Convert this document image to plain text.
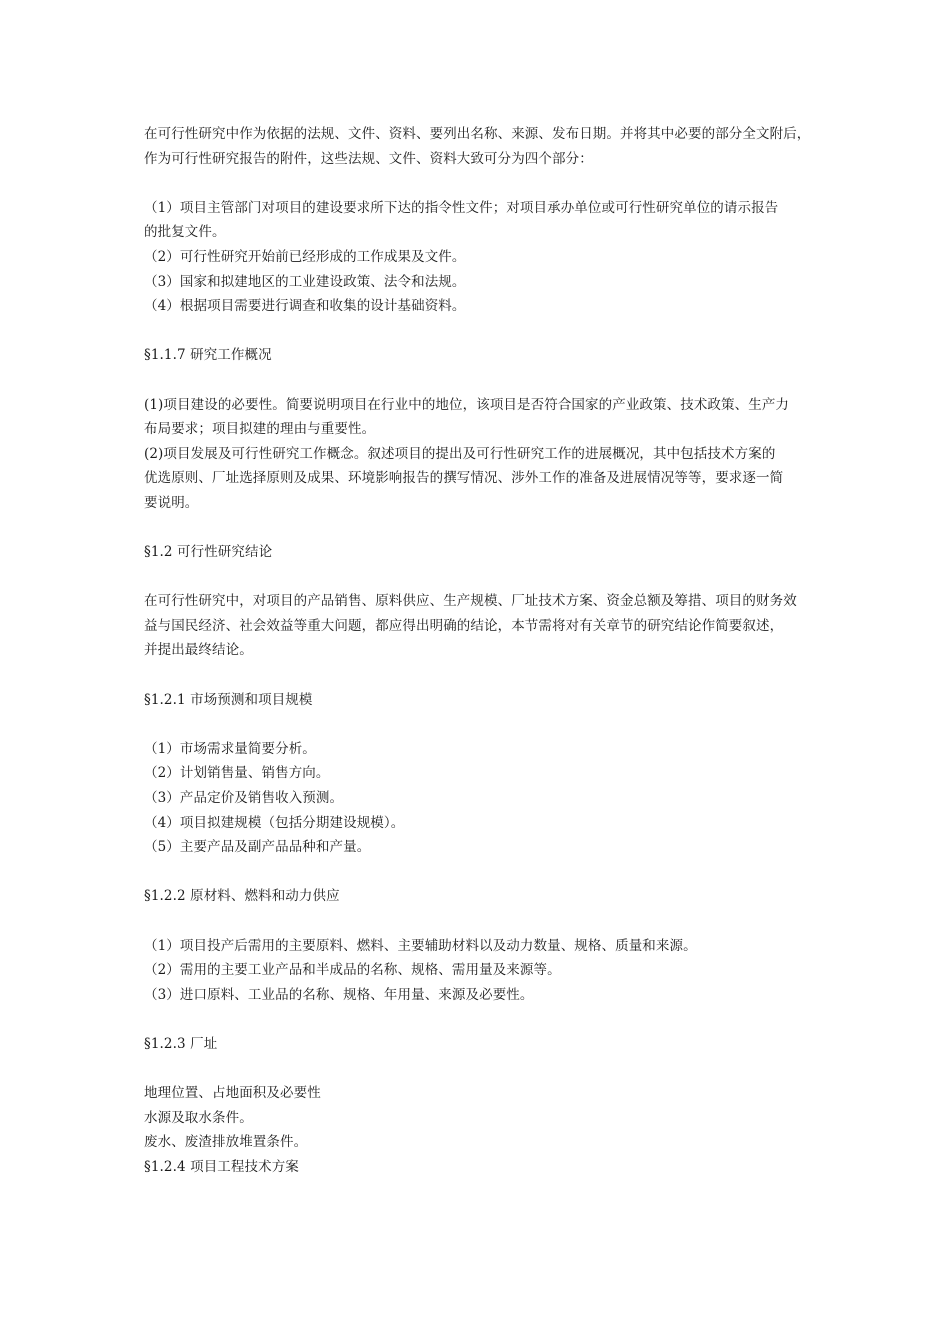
在可行性研究中作为依据的法规、文件、资料、要列出名称、来源、发布日期。并将其中必要的部分全文附后，
作为可行性研究报告的附件，这些法规、文件、资料大致可分为四个部分：
（1）项目主管部门对项目的建设要求所下达的指令性文件；对项目承办单位或可行性研究单位的请示报告
的批复文件。
（2）可行性研究开始前已经形成的工作成果及文件。
（3）国家和拟建地区的工业建设政策、法令和法规。
（4）根据项目需要进行调查和收集的设计基础资料。
§1.1.7 研究工作概况
(1)项目建设的必要性。简要说明项目在行业中的地位，该项目是否符合国家的产业政策、技术政策、生产力
布局要求；项目拟建的理由与重要性。
(2)项目发展及可行性研究工作概念。叙述项目的提出及可行性研究工作的进展概况，其中包括技术方案的
优选原则、厂址选择原则及成果、环境影响报告的撰写情况、涉外工作的准备及进展情况等等，要求逐一简
要说明。
§1.2 可行性研究结论
在可行性研究中，对项目的产品销售、原料供应、生产规模、厂址技术方案、资金总额及筹措、项目的财务效
益与国民经济、社会效益等重大问题，都应得出明确的结论，本节需将对有关章节的研究结论作简要叙述，
并提出最终结论。
§1.2.1 市场预测和项目规模
（1）市场需求量简要分析。
（2）计划销售量、销售方向。
（3）产品定价及销售收入预测。
（4）项目拟建规模（包括分期建设规模）。
（5）主要产品及副产品品种和产量。
§1.2.2 原材料、燃料和动力供应
（1）项目投产后需用的主要原料、燃料、主要辅助材料以及动力数量、规格、质量和来源。
（2）需用的主要工业产品和半成品的名称、规格、需用量及来源等。
（3）进口原料、工业品的名称、规格、年用量、来源及必要性。
§1.2.3 厂址
地理位置、占地面积及必要性
水源及取水条件。
废水、废渣排放堆置条件。
§1.2.4 项目工程技术方案
